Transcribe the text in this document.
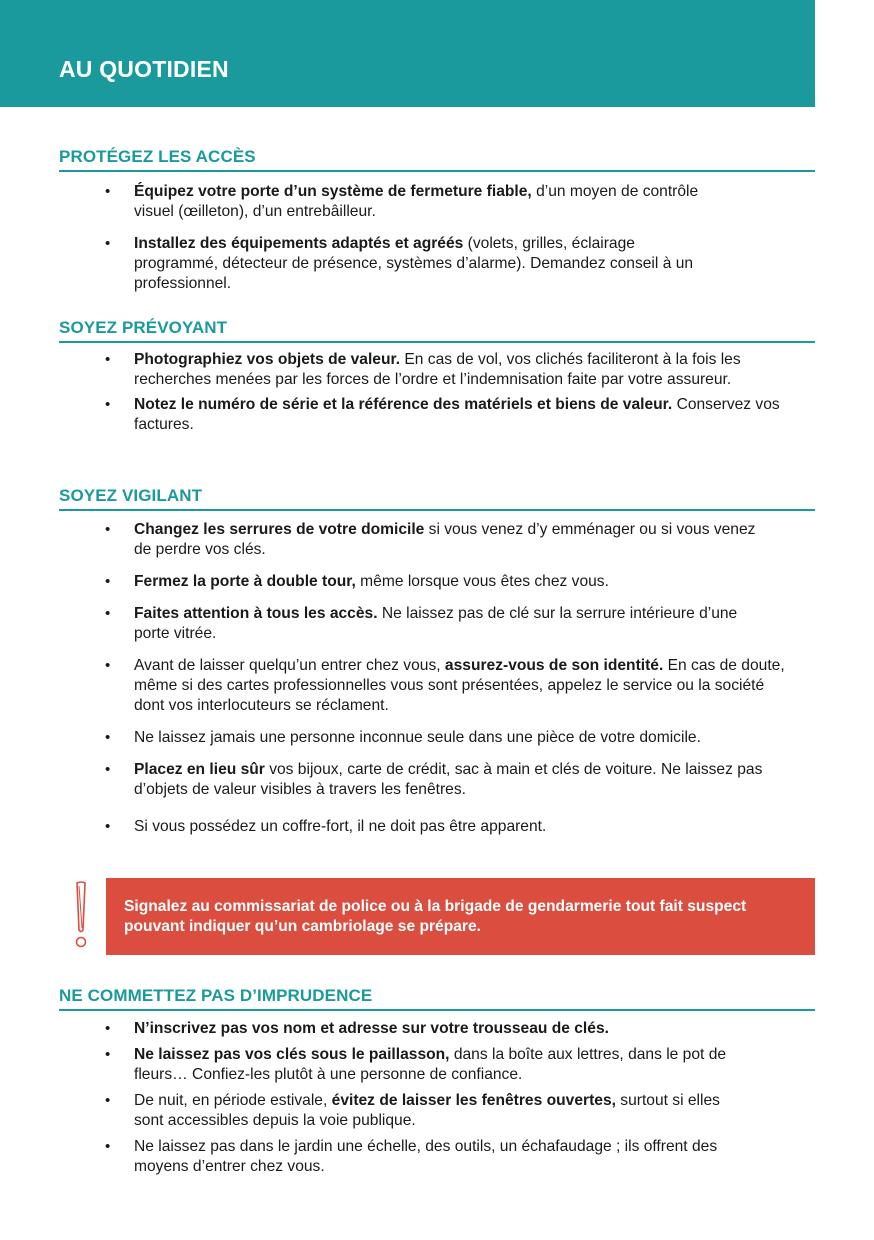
AU QUOTIDIEN
PROTÉGEZ LES ACCÈS
• Équipez votre porte d’un système de fermeture fiable, d’un moyen de contrôle
visuel (œilleton), d’un entrebâilleur.
• Installez des équipements adaptés et agréés (volets, grilles, éclairage
programmé, détecteur de présence, systèmes d’alarme). Demandez conseil à un professionnel.
SOYEZ PRÉVOYANT
• Photographiez vos objets de valeur. En cas de vol, vos clichés faciliteront à la fois les recherches menées par les forces de l’ordre et l’indemnisation faite par votre assureur.
• Notez le numéro de série et la référence des matériels et biens de valeur. Conservez vos factures.
SOYEZ VIGILANT
• Changez les serrures de votre domicile si vous venez d’y emménager ou si vous venez de perdre vos clés.
• Fermez la porte à double tour, même lorsque vous êtes chez vous.
• Faites attention à tous les accès. Ne laissez pas de clé sur la serrure intérieure d’une porte vitrée.
• Avant de laisser quelqu’un entrer chez vous, assurez-vous de son identité. En cas de doute, même si des cartes professionnelles vous sont présentées, appelez le service ou la société dont vos interlocuteurs se réclament.
• Ne laissez jamais une personne inconnue seule dans une pièce de votre domicile.
• Placez en lieu sûr vos bijoux, carte de crédit, sac à main et clés de voiture. Ne laissez pas d’objets de valeur visibles à travers les fenêtres.
• Si vous possédez un coffre-fort, il ne doit pas être apparent.

Signalez au commissariat de police ou à la brigade de gendarmerie tout fait suspect pouvant indiquer qu’un cambriolage se prépare.

NE COMMETTEZ PAS D’IMPRUDENCE
• N’inscrivez pas vos nom et adresse sur votre trousseau de clés.
• Ne laissez pas vos clés sous le paillasson, dans la boîte aux lettres, dans le pot de fleurs… Confiez-les plutôt à une personne de confiance.
• De nuit, en période estivale, évitez de laisser les fenêtres ouvertes, surtout si elles sont accessibles depuis la voie publique.
• Ne laissez pas dans le jardin une échelle, des outils, un échafaudage ; ils offrent des moyens d’entrer chez vous.
